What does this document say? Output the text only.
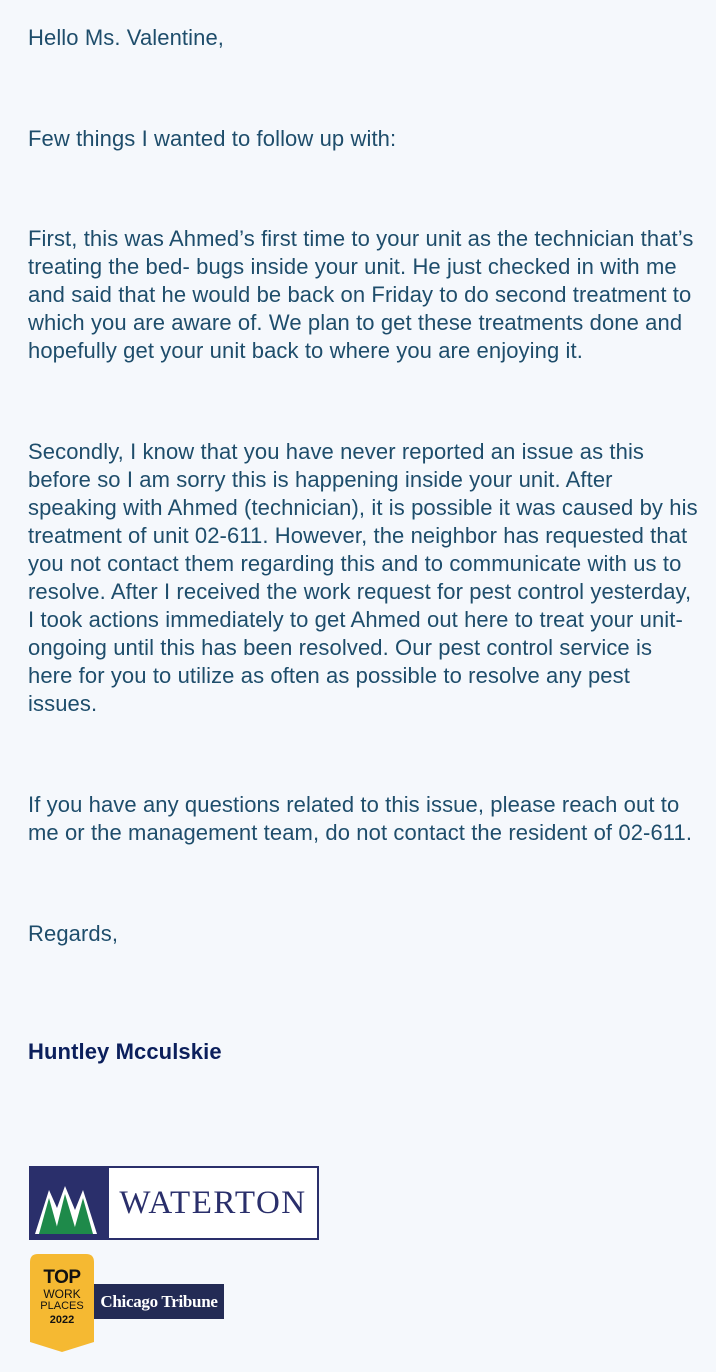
Hello Ms. Valentine,

Few things I wanted to follow up with:

First, this was Ahmed’s first time to your unit as the technician that’s treating the bed- bugs inside your unit. He just checked in with me and said that he would be back on Friday to do second treatment to which you are aware of. We plan to get these treatments done and hopefully get your unit back to where you are enjoying it.

Secondly, I know that you have never reported an issue as this before so I am sorry this is happening inside your unit. After speaking with Ahmed (technician), it is possible it was caused by his treatment of unit 02-611. However, the neighbor has requested that you not contact them regarding this and to communicate with us to resolve. After I received the work request for pest control yesterday, I took actions immediately to get Ahmed out here to treat your unit-ongoing until this has been resolved. Our pest control service is here for you to utilize as often as possible to resolve any pest issues.

If you have any questions related to this issue, please reach out to me or the management team, do not contact the resident of 02-611.

Regards,

Huntley Mcculskie

WATERTON
TOP
WORK
PLACES
2022
Chicago Tribune
